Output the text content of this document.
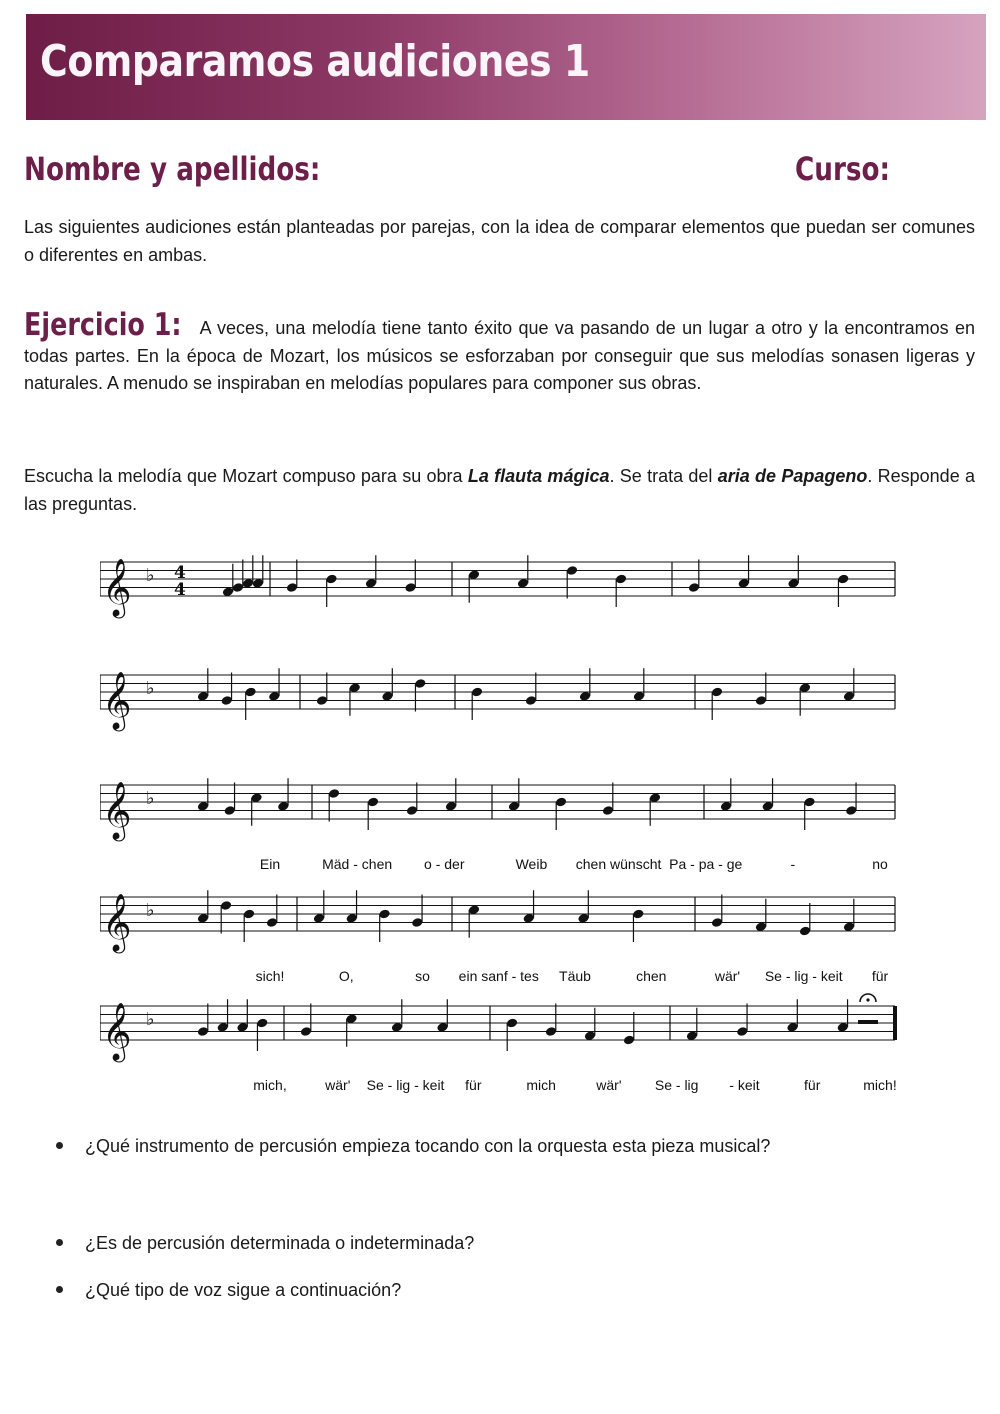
Comparamos audiciones 1
Nombre y apellidos:	Curso:

Las siguientes audiciones están planteadas por parejas, con la idea de comparar elementos que puedan ser comunes o diferentes en ambas.

Ejercicio 1: A veces, una melodía tiene tanto éxito que va pasando de un lugar a otro y la encontramos en todas partes. En la época de Mozart, los músicos se esforzaban por conseguir que sus melodías sonasen ligeras y naturales. A menudo se inspiraban en melodías populares para componer sus obras.

Escucha la melodía que Mozart compuso para su obra La flauta mágica. Se trata del aria de Papageno. Responde a las preguntas.

𝄞 ♭ 4
4
𝄞 ♭
𝄞 ♭
Ein	Mäd - chen o - der	Weib chen wünscht Pa - pa - ge	-	no
𝄞 ♭
sich!	O,	so ein sanf - tes Täub	chen	wär' Se - lig - keit für
𝄞 ♭
mich,	wär' Se - lig - keit für	mich	wär' Se - lig - keit	für	mich!
¿Qué instrumento de percusión empieza tocando con la orquesta esta pieza musical?
¿Es de percusión determinada o indeterminada?
¿Qué tipo de voz sigue a continuación?
